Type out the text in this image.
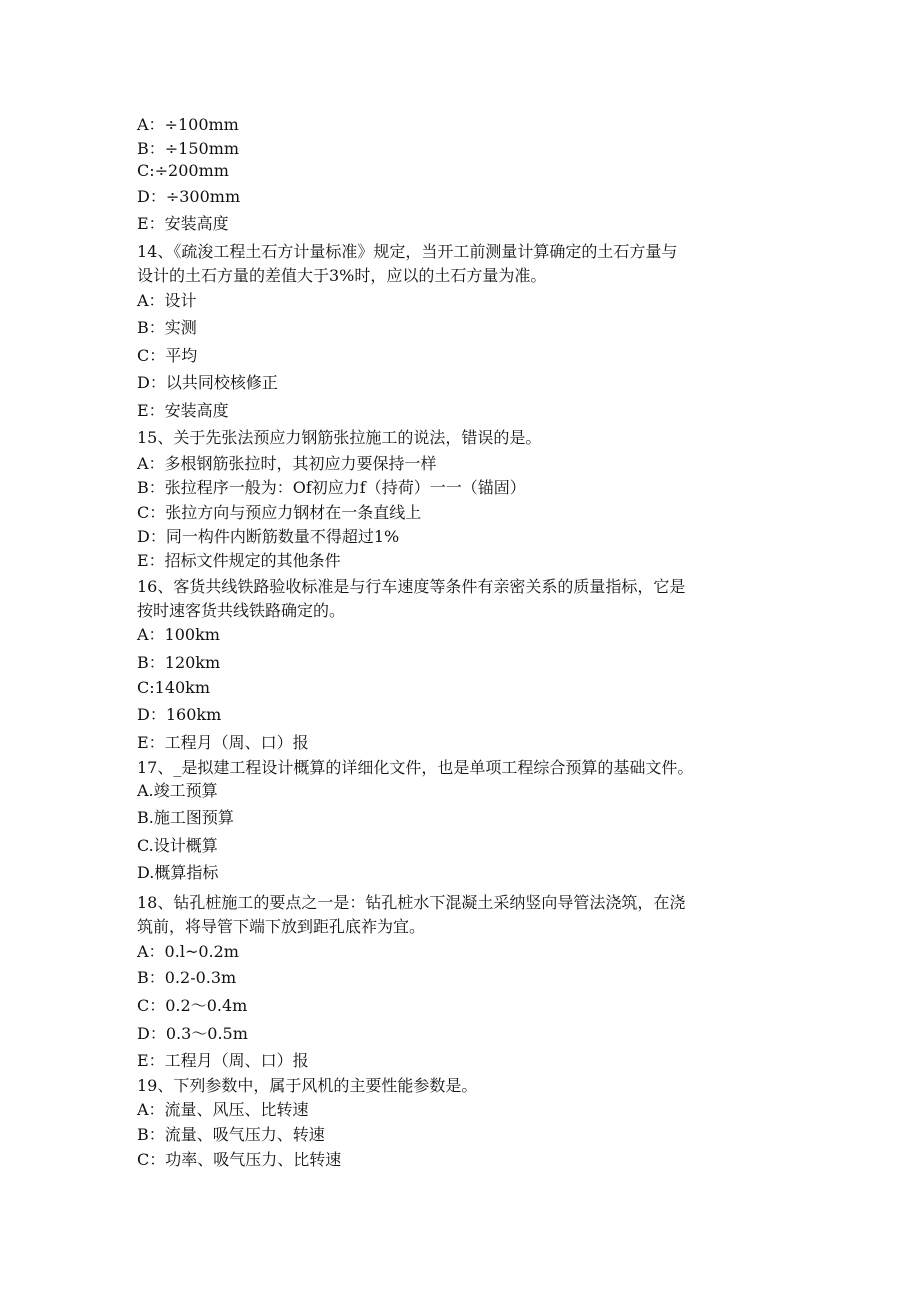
A：÷100mm
B：÷150mm
C:÷200mm
D：÷300mm
E：安装高度
14、《疏浚工程土石方计量标准》规定，当开工前测量计算确定的土石方量与
设计的土石方量的差值大于3%时，应以的土石方量为准。
A：设计
B：实测
C：平均
D：以共同校核修正
E：安装高度
15、关于先张法预应力钢筋张拉施工的说法，错误的是。
A：多根钢筋张拉时，其初应力要保持一样
B：张拉程序一般为：Of初应力f（持荷）一一（锚固）
C：张拉方向与预应力钢材在一条直线上
D：同一构件内断筋数量不得超过1%
E：招标文件规定的其他条件
16、客货共线铁路验收标准是与行车速度等条件有亲密关系的质量指标，它是
按时速客货共线铁路确定的。
A：100km
B：120km
C:140km
D：160km
E：工程月（周、口）报
17、_是拟建工程设计概算的详细化文件，也是单项工程综合预算的基础文件。
A.竣工预算
B.施工图预算
C.设计概算
D.概算指标
18、钻孔桩施工的要点之一是：钻孔桩水下混凝土采纳竖向导管法浇筑，在浇
筑前，将导管下端下放到距孔底祚为宜。
A：0.l~0.2m
B：0.2-0.3m
C：0.2～0.4m
D：0.3～0.5m
E：工程月（周、口）报
19、下列参数中，属于风机的主要性能参数是。
A：流量、风压、比转速
B：流量、吸气压力、转速
C：功率、吸气压力、比转速
